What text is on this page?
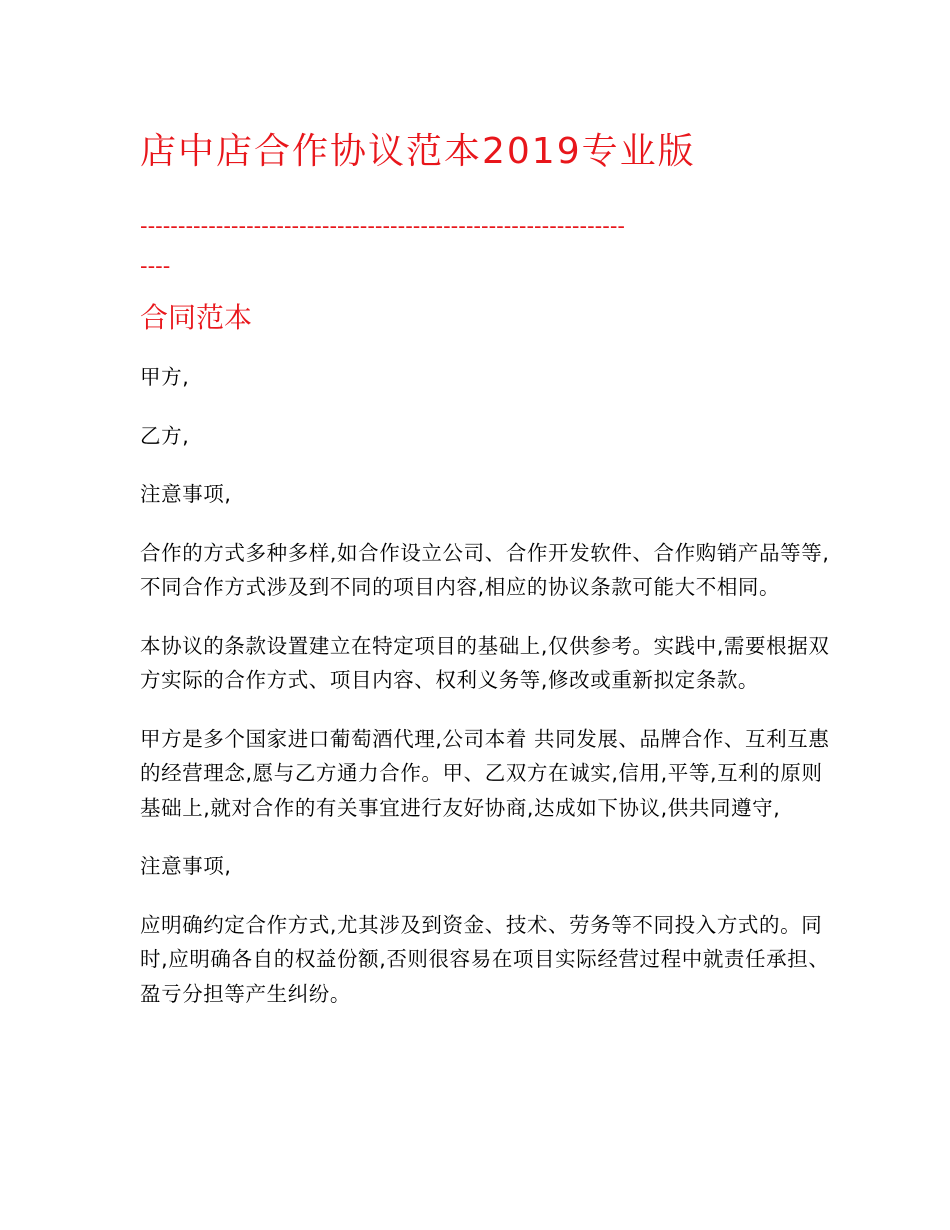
店中店合作协议范本2019专业版
----------------------------------------------------------------
----
合同范本

甲方,

乙方,

注意事项,

合作的方式多种多样,如合作设立公司、合作开发软件、合作购销产品等等,不同合作方式涉及到不同的项目内容,相应的协议条款可能大不相同。

本协议的条款设置建立在特定项目的基础上,仅供参考。实践中,需要根据双方实际的合作方式、项目内容、权利义务等,修改或重新拟定条款。

甲方是多个国家进口葡萄酒代理,公司本着 共同发展、品牌合作、互利互惠 的经营理念,愿与乙方通力合作。甲、乙双方在诚实,信用,平等,互利的原则基础上,就对合作的有关事宜进行友好协商,达成如下协议,供共同遵守,

注意事项,

应明确约定合作方式,尤其涉及到资金、技术、劳务等不同投入方式的。同时,应明确各自的权益份额,否则很容易在项目实际经营过程中就责任承担、盈亏分担等产生纠纷。
